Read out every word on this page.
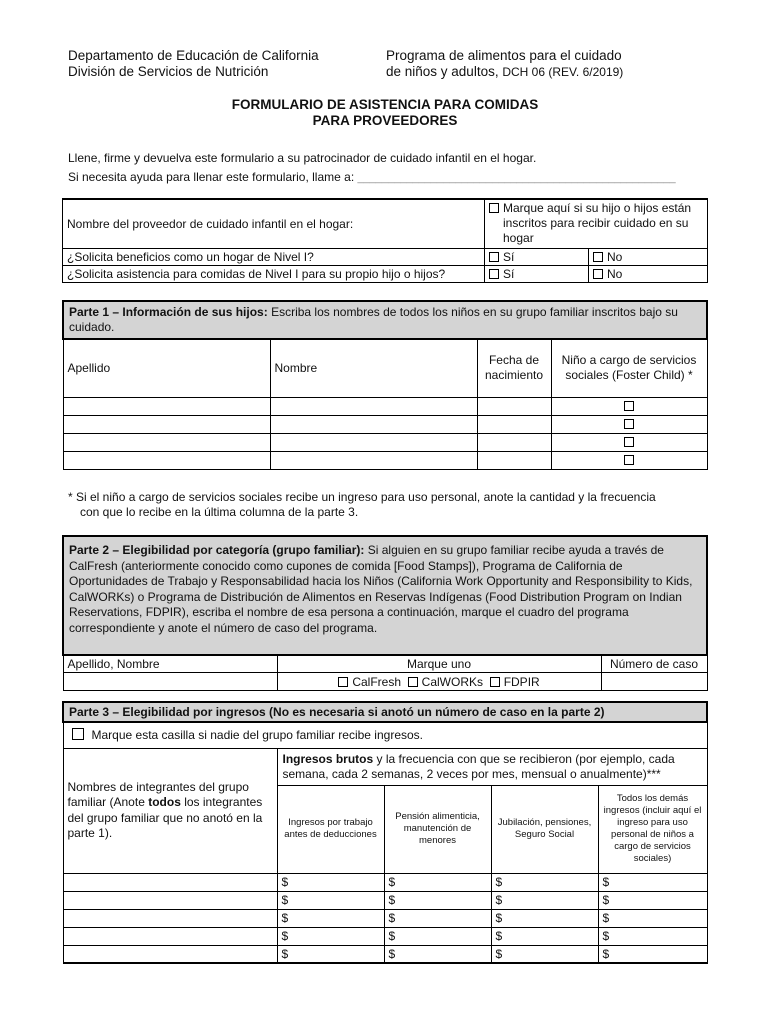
Departamento de Educación de California
División de Servicios de Nutrición
Programa de alimentos para el cuidado
de niños y adultos, DCH 06 (REV. 6/2019)
FORMULARIO DE ASISTENCIA PARA COMIDAS
PARA PROVEEDORES
Llene, firme y devuelva este formulario a su patrocinador de cuidado infantil en el hogar.
Si necesita ayuda para llenar este formulario, llame a: ____________________________________________________
Nombre del proveedor de cuidado infantil en el hogar:	Marque aquí si su hijo o hijos están inscritos para recibir cuidado en su hogar	
¿Solicita beneficios como un hogar de Nivel I?	Sí	No
¿Solicita asistencia para comidas de Nivel I para su propio hijo o hijos?	Sí	No
Parte 1 – Información de sus hijos: Escriba los nombres de todos los niños en su grupo familiar inscritos bajo su cuidado.			
Apellido	Nombre	Fecha de nacimiento	Niño a cargo de servicios sociales (Foster Child) *

* Si el niño a cargo de servicios sociales recibe un ingreso para uso personal, anote la cantidad y la frecuencia
con que lo recibe en la última columna de la parte 3.
Parte 2 – Elegibilidad por categoría (grupo familiar): Si alguien en su grupo familiar recibe ayuda a través de CalFresh (anteriormente conocido como cupones de comida [Food Stamps]), Programa de California de Oportunidades de Trabajo y Responsabilidad hacia los Niños (California Work Opportunity and Responsibility to Kids, CalWORKs) o Programa de Distribución de Alimentos en Reservas Indígenas (Food Distribution Program on Indian Reservations, FDPIR), escriba el nombre de esa persona a continuación, marque el cuadro del programa correspondiente y anote el número de caso del programa.		
Apellido, Nombre	Marque uno	Número de caso
	CalFresh CalWORKs FDPIR	
Parte 3 – Elegibilidad por ingresos (No es necesaria si anotó un número de caso en la parte 2)				
Marque esta casilla si nadie del grupo familiar recibe ingresos.				
Nombres de integrantes del grupo familiar (Anote todos los integrantes del grupo familiar que no anotó en la parte 1).	Ingresos brutos y la frecuencia con que se recibieron (por ejemplo, cada semana, cada 2 semanas, 2 veces por mes, mensual o anualmente)***			
	Ingresos por trabajo antes de deducciones	Pensión alimenticia, manutención de menores	Jubilación, pensiones, Seguro Social	Todos los demás ingresos (incluir aquí el ingreso para uso personal de niños a cargo de servicios sociales)
	$	$	$	$
	$	$	$	$
	$	$	$	$
	$	$	$	$
	$	$	$	$
